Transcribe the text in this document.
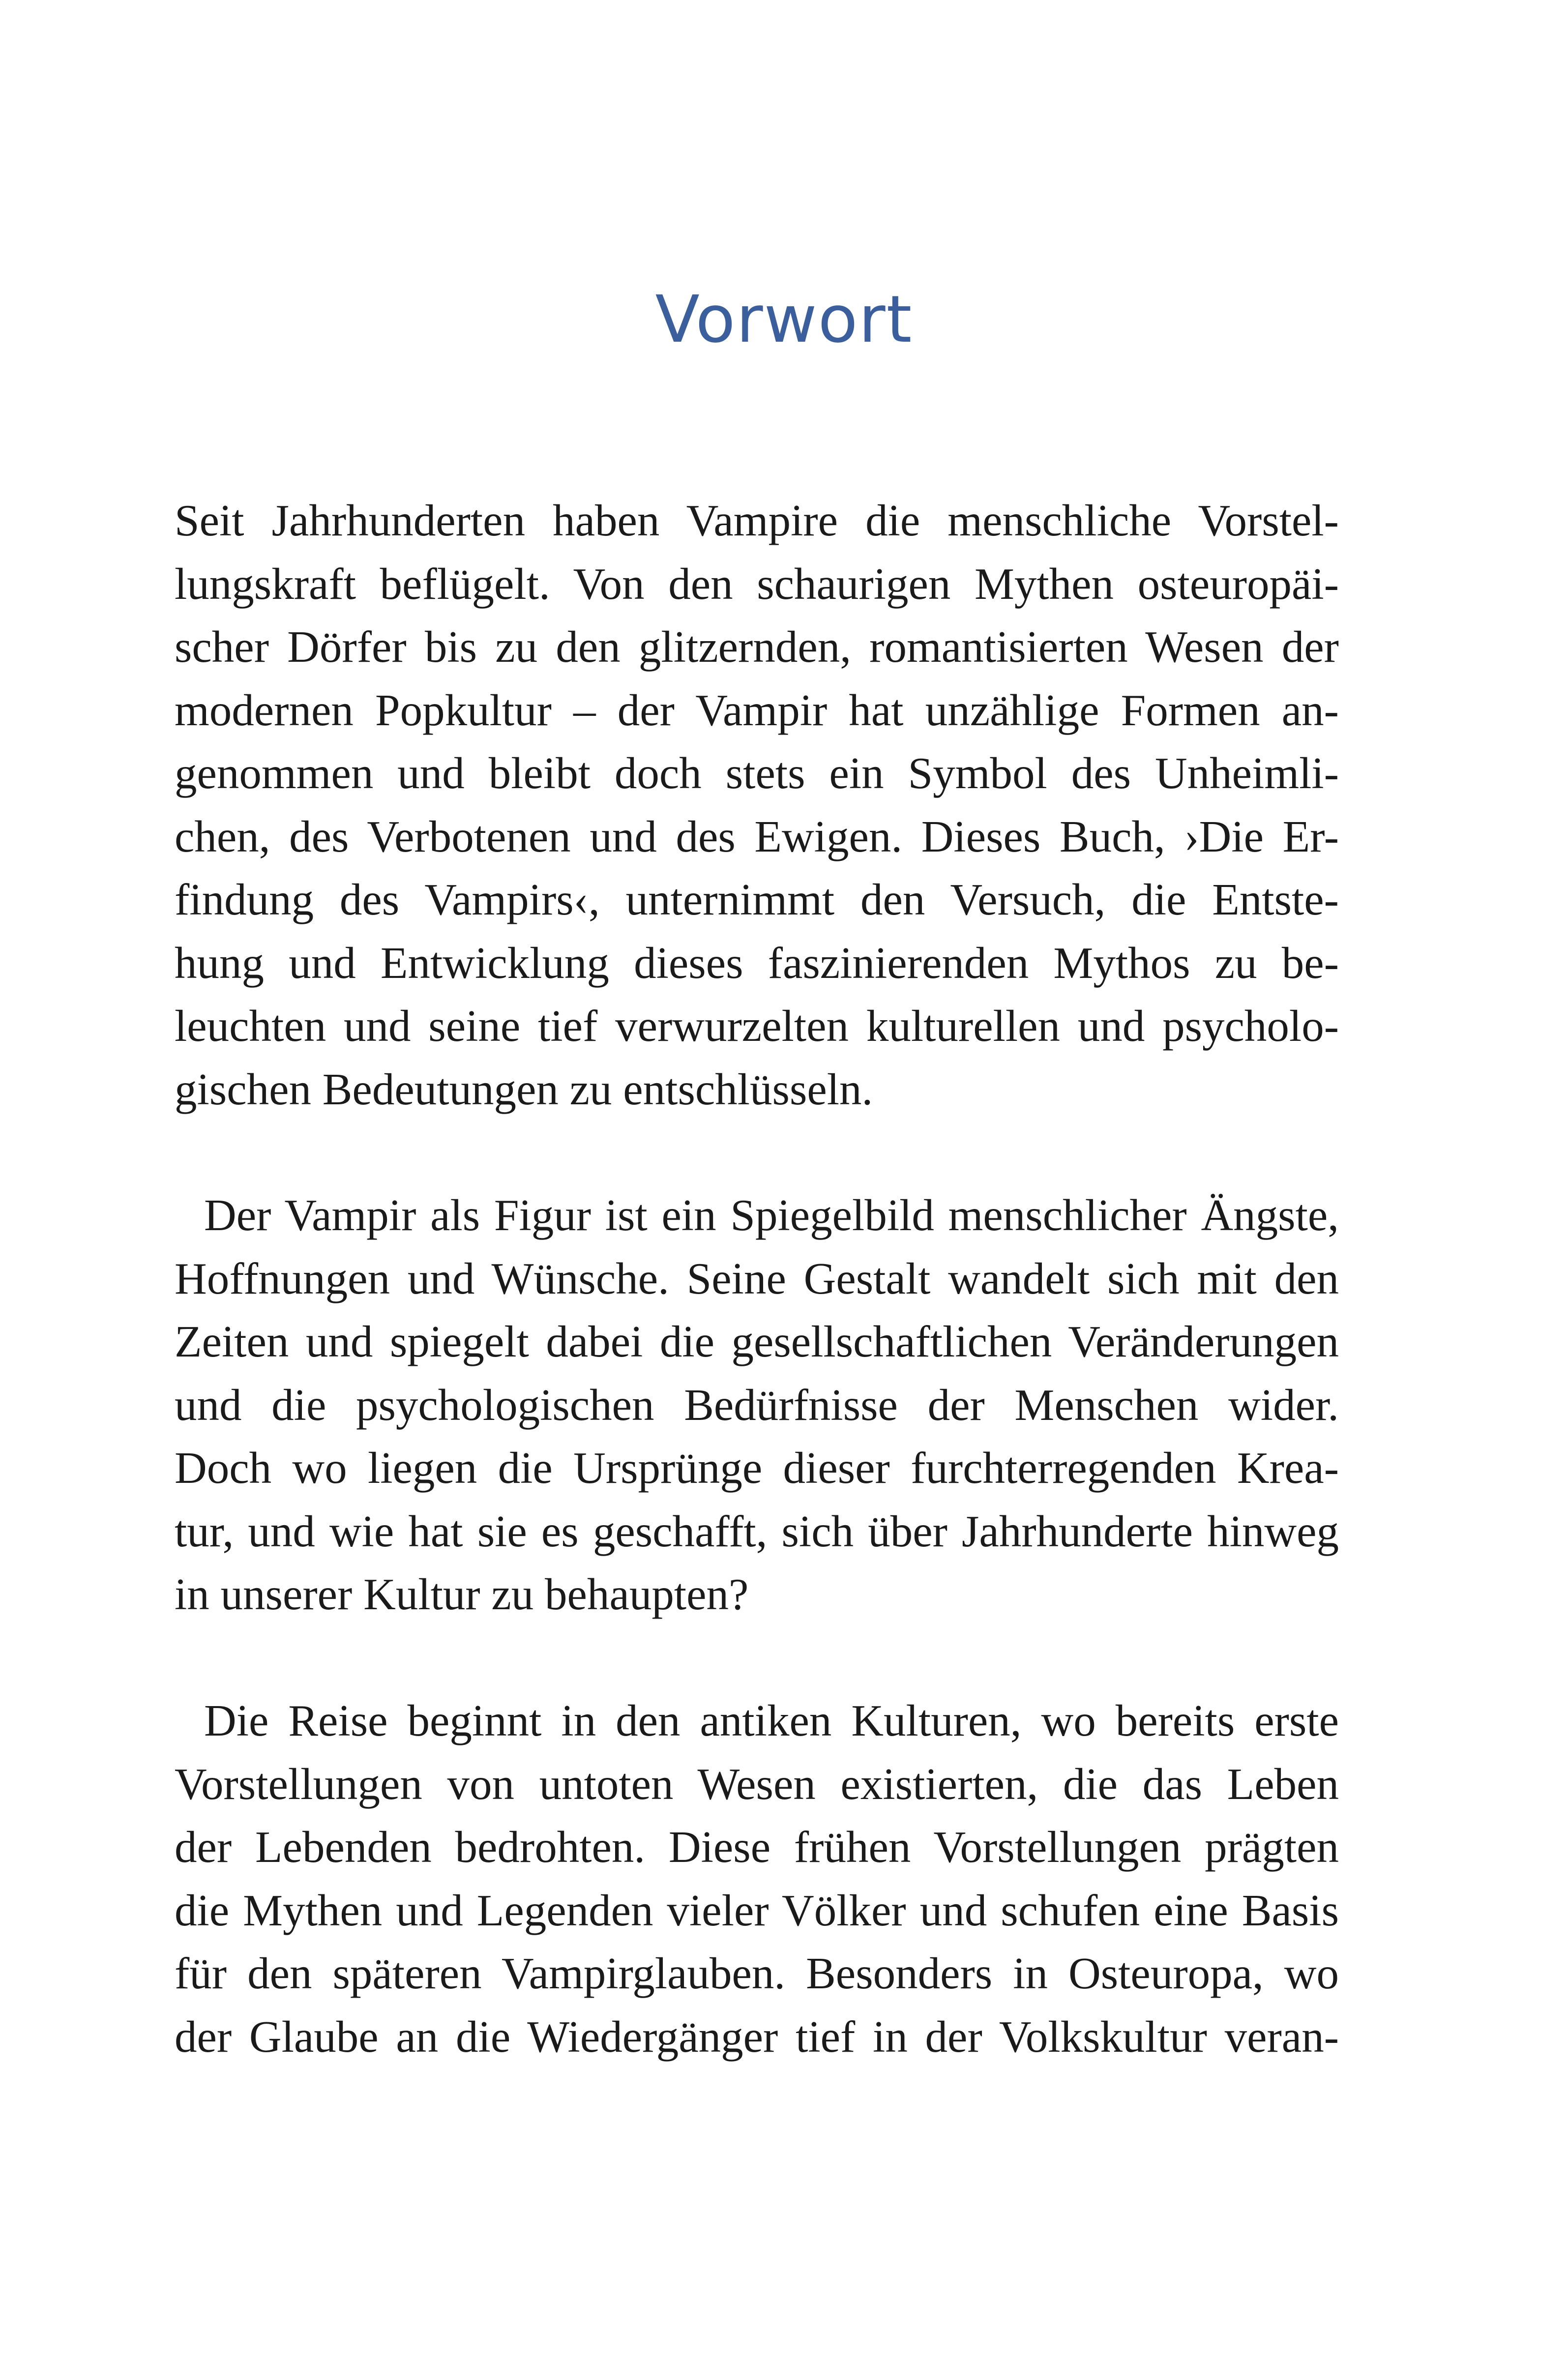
Vorwort

Seit Jahrhunderten haben Vampire die menschliche Vorstel-
lungskraft beflügelt. Von den schaurigen Mythen osteuropäi-
scher Dörfer bis zu den glitzernden, romantisierten Wesen der
modernen Popkultur – der Vampir hat unzählige Formen an-
genommen und bleibt doch stets ein Symbol des Unheimli-
chen, des Verbotenen und des Ewigen. Dieses Buch, ›Die Er-
findung des Vampirs‹, unternimmt den Versuch, die Entste-
hung und Entwicklung dieses faszinierenden Mythos zu be-
leuchten und seine tief verwurzelten kulturellen und psycholo-
gischen Bedeutungen zu entschlüsseln.

Der Vampir als Figur ist ein Spiegelbild menschlicher Ängste,
Hoffnungen und Wünsche. Seine Gestalt wandelt sich mit den
Zeiten und spiegelt dabei die gesellschaftlichen Veränderungen
und die psychologischen Bedürfnisse der Menschen wider.
Doch wo liegen die Ursprünge dieser furchterregenden Krea-
tur, und wie hat sie es geschafft, sich über Jahrhunderte hinweg
in unserer Kultur zu behaupten?

Die Reise beginnt in den antiken Kulturen, wo bereits erste
Vorstellungen von untoten Wesen existierten, die das Leben
der Lebenden bedrohten. Diese frühen Vorstellungen prägten
die Mythen und Legenden vieler Völker und schufen eine Basis
für den späteren Vampirglauben. Besonders in Osteuropa, wo
der Glaube an die Wiedergänger tief in der Volkskultur veran-
